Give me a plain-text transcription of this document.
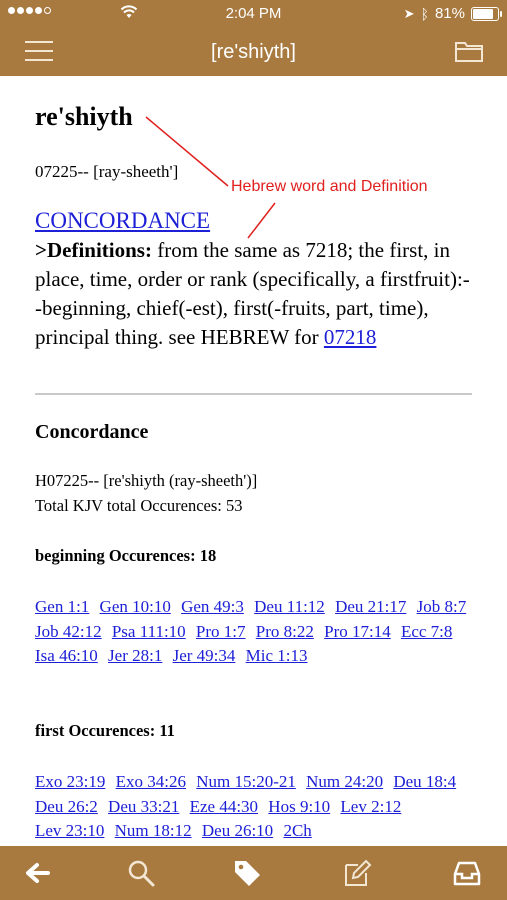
2:04 PM	➤ ᛒ 81%
[re'shiyth]
re'shiyth
07225-- [ray-sheeth']
Hebrew word and Definition
CONCORDANCE
>Definitions: from the same as 7218; the first, in place, time, order or rank (specifically, a firstfruit):--beginning, chief(-est), first(-fruits, part, time), principal thing. see HEBREW for 07218
Concordance
H07225-- [re'shiyth (ray-sheeth')]
Total KJV total Occurences: 53
beginning Occurences: 18
Gen 1:1 Gen 10:10 Gen 49:3 Deu 11:12 Deu 21:17 Job 8:7 Job 42:12 Psa 111:10 Pro 1:7 Pro 8:22 Pro 17:14 Ecc 7:8 Isa 46:10 Jer 28:1 Jer 49:34 Mic 1:13
first Occurences: 11
Exo 23:19 Exo 34:26 Num 15:20-21 Num 24:20 Deu 18:4 Deu 26:2 Deu 33:21 Eze 44:30 Hos 9:10 Lev 2:12 Lev 23:10 Num 18:12 Deu 26:10 2Ch
